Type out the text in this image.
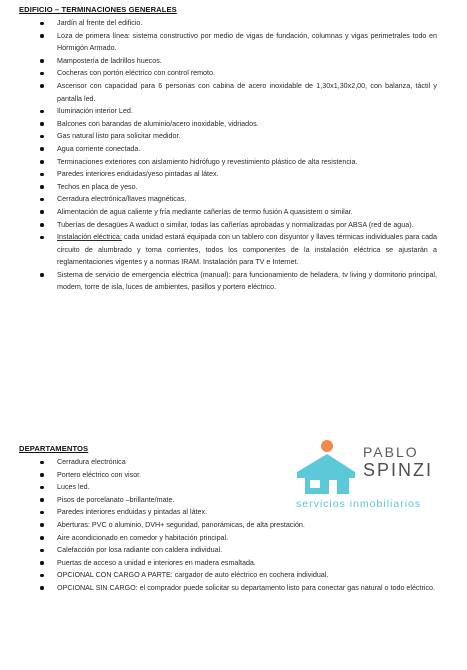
EDIFICIO – TERMINACIONES GENERALES
Jardín al frente del edificio.
Loza de primera línea: sistema constructivo por medio de vigas de fundación, columnas y vigas perimetrales todo en Hormigón Armado.
Mampostería de ladrillos huecos.
Cocheras con portón eléctrico con control remoto.
Ascensor con capacidad para 6 personas con cabina de acero inoxidable de 1,30x1,30x2,00, con balanza, táctil y pantalla led.
Iluminación interior Led.
Balcones con barandas de aluminio/acero inoxidable, vidriados.
Gas natural listo para solicitar medidor.
Agua corriente conectada.
Terminaciones exteriores con aislamiento hidrófugo y revestimiento plástico de alta resistencia.
Paredes interiores enduidas/yeso pintadas al látex.
Techos en placa de yeso.
Cerradura electrónica/llaves magnéticas.
Alimentación de agua caliente y fría mediante cañerías de termo fusión A quasistem o similar.
Tuberías de desagües A waduct o similar, todas las cañerías aprobadas y normalizadas por ABSA (red de agua).
Instalación eléctrica: cada unidad estará equipada con un tablero con disyuntor y llaves térmicas individuales para cada circuito de alumbrado y toma corrientes, todos los componentes de la instalación eléctrica se ajustarán a reglamentaciones vigentes y a normas IRAM. Instalación para TV e Internet.
Sistema de servicio de emergencia eléctrica (manual): para funcionamiento de heladera, tv living y dormitorio principal, modem, torre de isla, luces de ambientes, pasillos y portero eléctrico.
DEPARTAMENTOS
Cerradura electrónica
Portero eléctrico con visor.
Luces led.
Pisos de porcelanato –brillante/mate.
Paredes interiores enduidas y pintadas al látex.
Aberturas: PVC o aluminio, DVH+ seguridad, panorámicas, de alta prestación.
Aire acondicionado en comedor y habitación principal.
Calefacción por losa radiante con caldera individual.
Puertas de acceso a unidad e interiores en madera esmaltada.
OPCIONAL CON CARGO A PARTE: cargador de auto eléctrico en cochera individual.
OPCIONAL SIN CARGO: el comprador puede solicitar su departamento listo para conectar gas natural o todo eléctrico.
PABLO
SPINZI
servicios inmobiliarios
